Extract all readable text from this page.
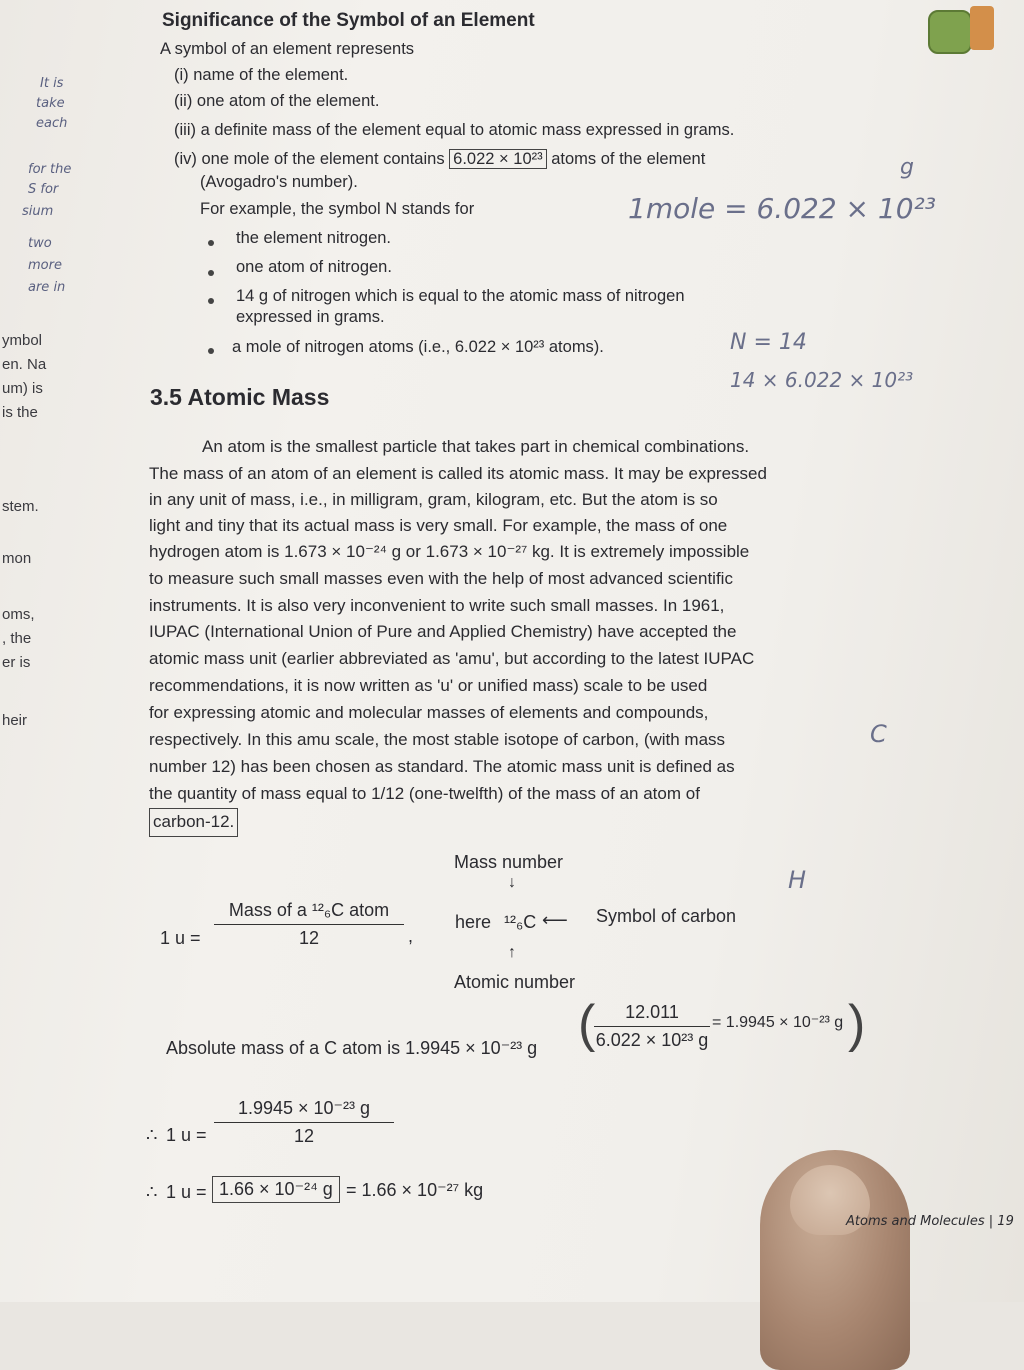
It is
take
each
for the
S for
sium
two
more
are in
ymbol
en. Na
um) is
is the
stem.
mon
oms,
, the
er is
heir
Significance of the Symbol of an Element
A symbol of an element represents
(i) name of the element.
(ii) one atom of the element.
(iii) a definite mass of the element equal to atomic mass expressed in grams.
(iv) one mole of the element contains 6.022 × 10²³ atoms of the element
(Avogadro's number).
For example, the symbol N stands for
the element nitrogen.
one atom of nitrogen.
14 g of nitrogen which is equal to the atomic mass of nitrogen
expressed in grams.
a mole of nitrogen atoms (i.e., 6.022 × 10²³ atoms).
1mole = 6.022 × 10²³
g
N = 14
14 × 6.022 × 10²³
C
H
3.5 Atomic Mass
An atom is the smallest particle that takes part in chemical combinations.
The mass of an atom of an element is called its atomic mass. It may be expressed
in any unit of mass, i.e., in milligram, gram, kilogram, etc. But the atom is so
light and tiny that its actual mass is very small. For example, the mass of one
hydrogen atom is 1.673 × 10⁻²⁴ g or 1.673 × 10⁻²⁷ kg. It is extremely impossible
to measure such small masses even with the help of most advanced scientific
instruments. It is also very inconvenient to write such small masses. In 1961,
IUPAC (International Union of Pure and Applied Chemistry) have accepted the
atomic mass unit (earlier abbreviated as 'amu', but according to the latest IUPAC
recommendations, it is now written as 'u' or unified mass) scale to be used
for expressing atomic and molecular masses of elements and compounds,
respectively. In this amu scale, the most stable isotope of carbon, (with mass
number 12) has been chosen as standard. The atomic mass unit is defined as
the quantity of mass equal to 1/12 (one-twelfth) of the mass of an atom of
carbon-12.
Mass number
↓
1 u =
Mass of a ¹²₆C atom
12	,
here ¹²₆C ⟵ Symbol of carbon
↑
Atomic number
Absolute mass of a C atom is 1.9945 × 10⁻²³ g (	12.011
6.022 × 10²³ g
= 1.9945 × 10⁻²³ g )
∴ 1 u =
1.9945 × 10⁻²³ g
12
∴ 1 u = 1.66 × 10⁻²⁴ g = 1.66 × 10⁻²⁷ kg
Atoms and Molecules | 19
